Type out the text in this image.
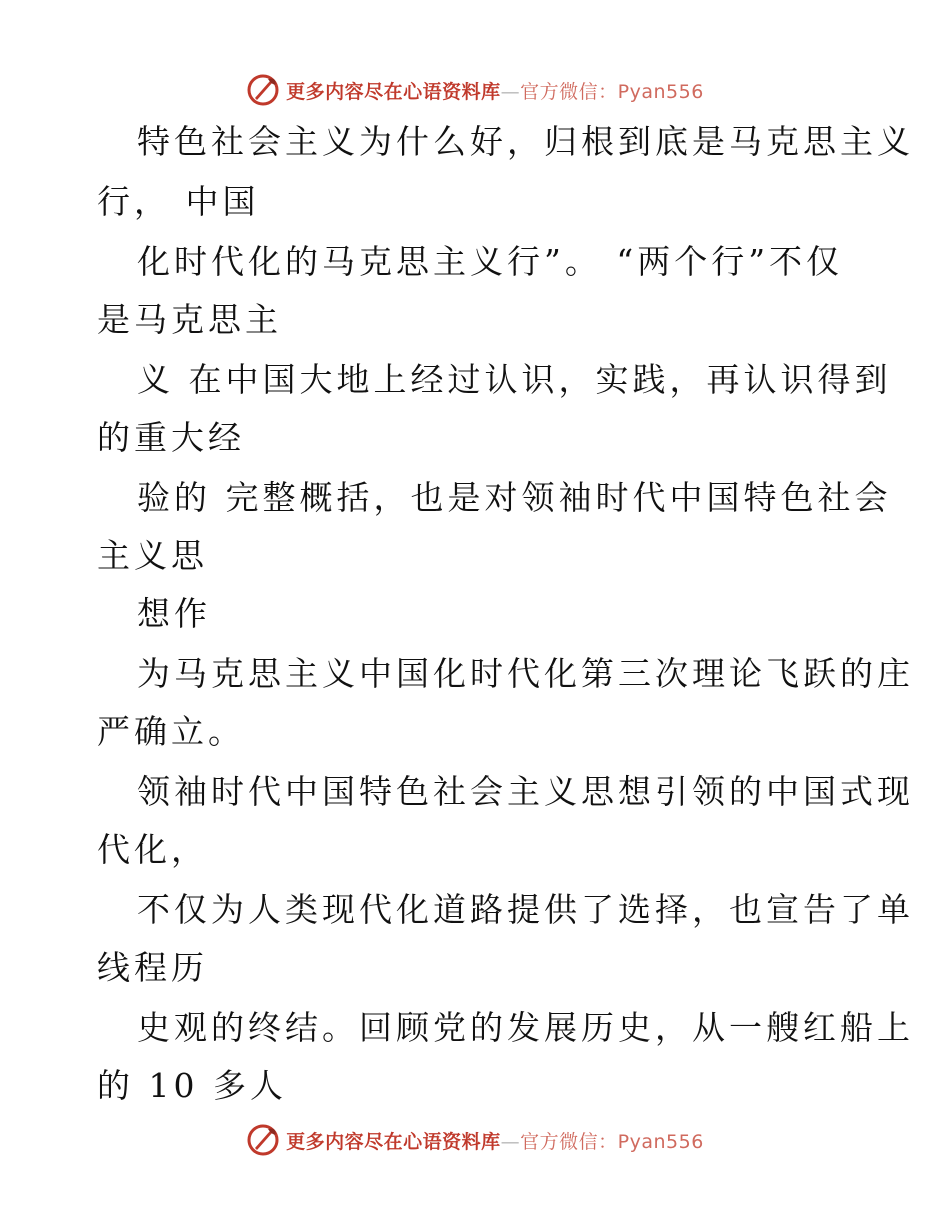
更多内容尽在心语资料库—官方微信：Pyan556
特色社会主义为什么好，归根到底是马克思主义
行， 中国
化时代化的马克思主义行”。 “两个行”不仅
是马克思主
义 在中国大地上经过认识，实践，再认识得到
的重大经
验的 完整概括，也是对领袖时代中国特色社会
主义思
想作
为马克思主义中国化时代化第三次理论飞跃的庄
严确立。
领袖时代中国特色社会主义思想引领的中国式现
代化，
不仅为人类现代化道路提供了选择，也宣告了单
线程历
史观的终结。回顾党的发展历史，从一艘红船上
的 10 多人
更多内容尽在心语资料库—官方微信：Pyan556
